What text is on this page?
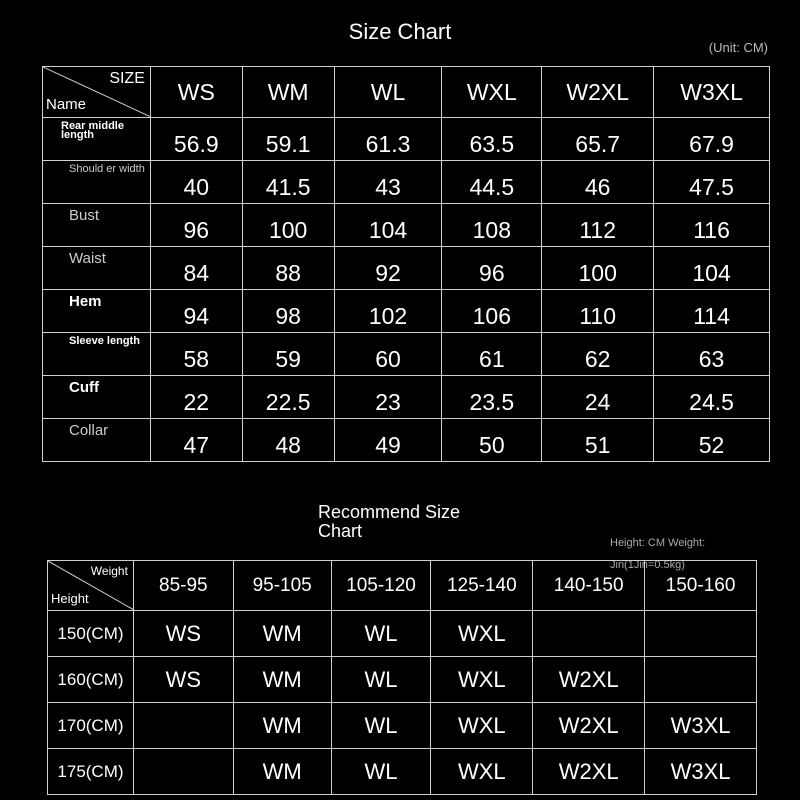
Size Chart
(Unit: CM)
SIZE
Name	WS	WM	WL	WXL	W2XL	W3XL
Rear middle length	56.9	59.1	61.3	63.5	65.7	67.9
Should er width	40	41.5	43	44.5	46	47.5
Bust	96	100	104	108	112	116
Waist	84	88	92	96	100	104
Hem	94	98	102	106	110	114
Sleeve length	58	59	60	61	62	63
Cuff	22	22.5	23	23.5	24	24.5
Collar	47	48	49	50	51	52
Recommend Size
Chart
Height: CM Weight:
Jin(1Jin=0.5kg)
Weight
Height	85-95	95-105	105-120	125-140	140-150	150-160
150(CM)	WS	WM	WL	WXL		
160(CM)	WS	WM	WL	WXL	W2XL	
170(CM)		WM	WL	WXL	W2XL	W3XL
175(CM)		WM	WL	WXL	W2XL	W3XL
